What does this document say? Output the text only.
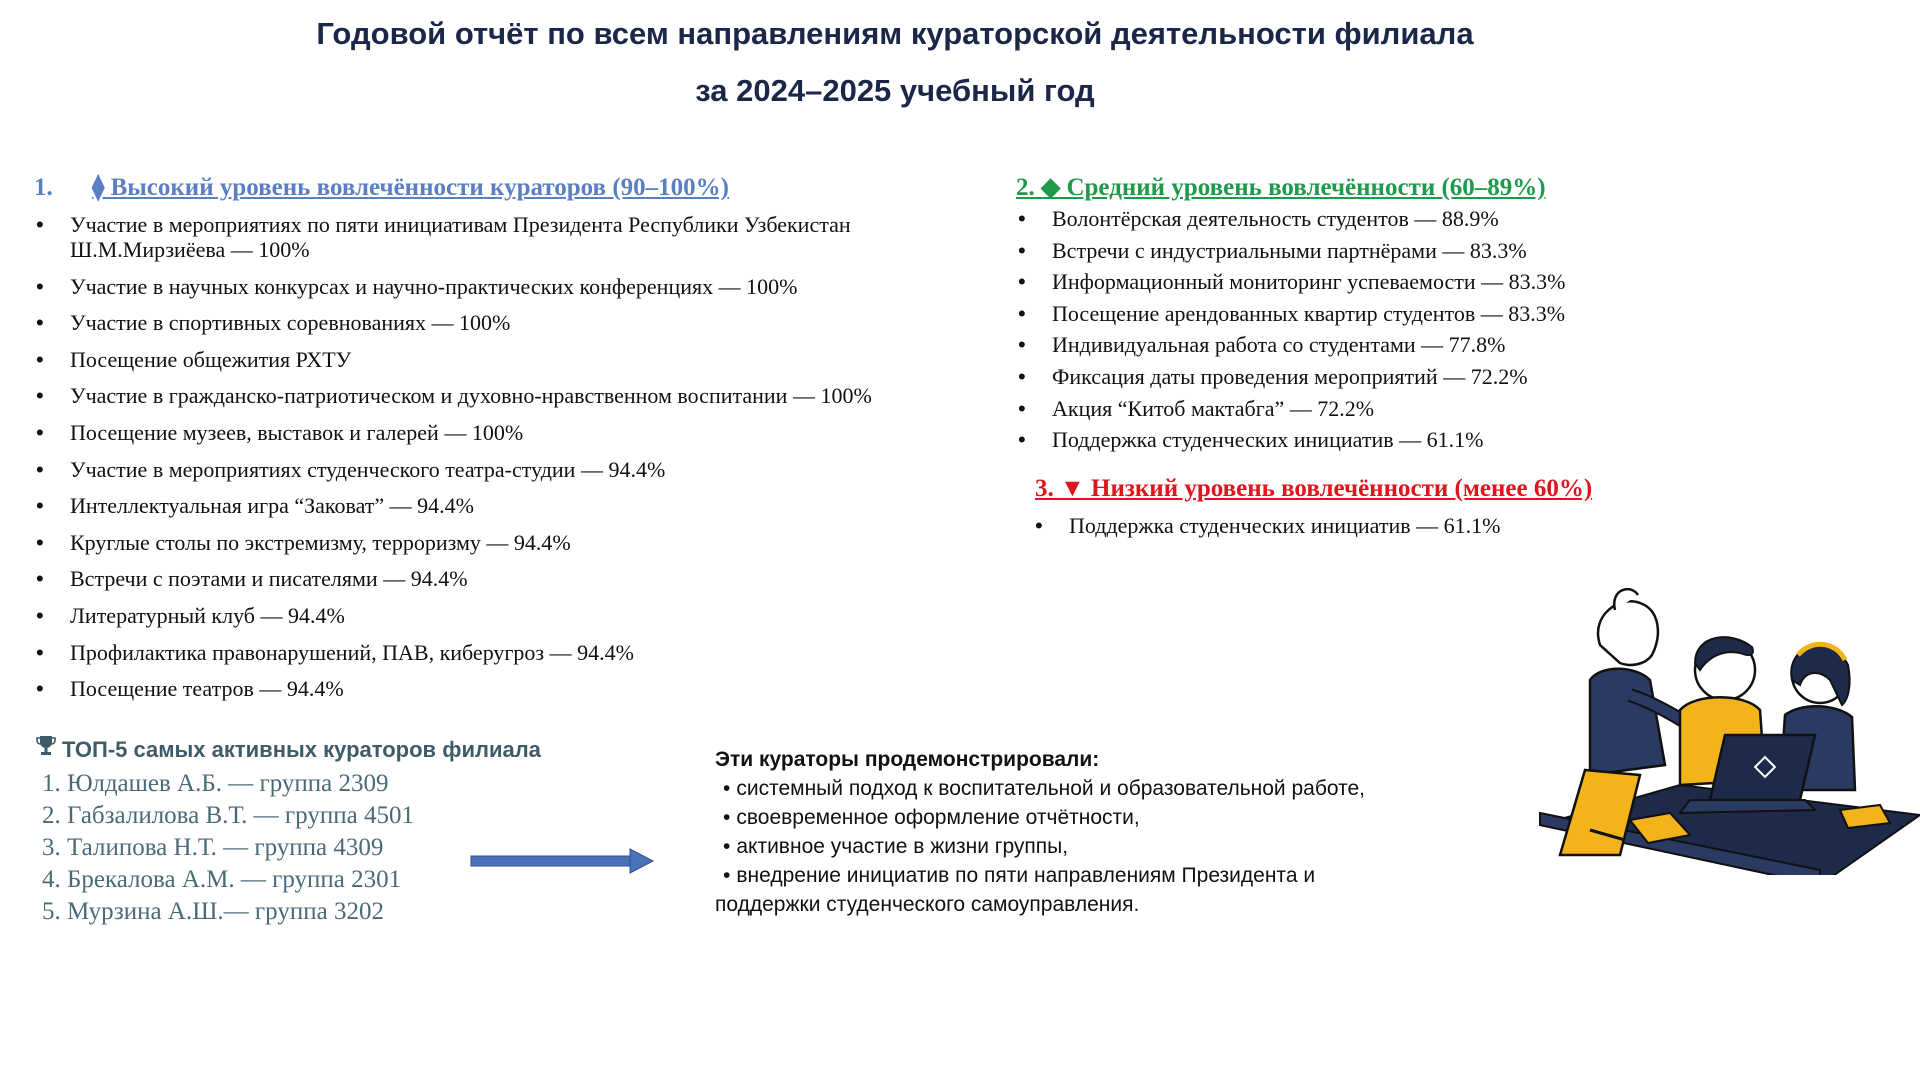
Годовой отчёт по всем направлениям кураторской деятельности филиала
за 2024–2025 учебный год
1. ⧫ Высокий уровень вовлечённости кураторов (90–100%)
• Участие в мероприятиях по пяти инициативам Президента Республики Узбекистан Ш.М.Мирзиёева — 100%
• Участие в научных конкурсах и научно-практических конференциях — 100%
• Участие в спортивных соревнованиях — 100%
• Посещение общежития РХТУ
• Участие в гражданско-патриотическом и духовно-нравственном воспитании — 100%
• Посещение музеев, выставок и галерей — 100%
• Участие в мероприятиях студенческого театра-студии — 94.4%
• Интеллектуальная игра “Заковат” — 94.4%
• Круглые столы по экстремизму, терроризму — 94.4%
• Встречи с поэтами и писателями — 94.4%
• Литературный клуб — 94.4%
• Профилактика правонарушений, ПАВ, киберугроз — 94.4%
• Посещение театров — 94.4%
2. ◆ Средний уровень вовлечённости (60–89%)
• Волонтёрская деятельность студентов — 88.9%
• Встречи с индустриальными партнёрами — 83.3%
• Информационный мониторинг успеваемости — 83.3%
• Посещение арендованных квартир студентов — 83.3%
• Индивидуальная работа со студентами — 77.8%
• Фиксация даты проведения мероприятий — 72.2%
• Акция “Китоб мактабга” — 72.2%
• Поддержка студенческих инициатив — 61.1%
3. ▼ Низкий уровень вовлечённости (менее 60%)
• Поддержка студенческих инициатив — 61.1%
ТОП-5 самых активных кураторов филиала
1. Юлдашев А.Б. — группа 2309
2. Габзалилова В.Т. — группа 4501
3. Талипова Н.Т. — группа 4309
4. Брекалова А.М. — группа 2301
5. Мурзина А.Ш.— группа 3202
Эти кураторы продемонстрировали:
• системный подход к воспитательной и образовательной работе,
• своевременное оформление отчётности,
• активное участие в жизни группы,
• внедрение инициатив по пяти направлениям Президента и
поддержки студенческого самоуправления.
